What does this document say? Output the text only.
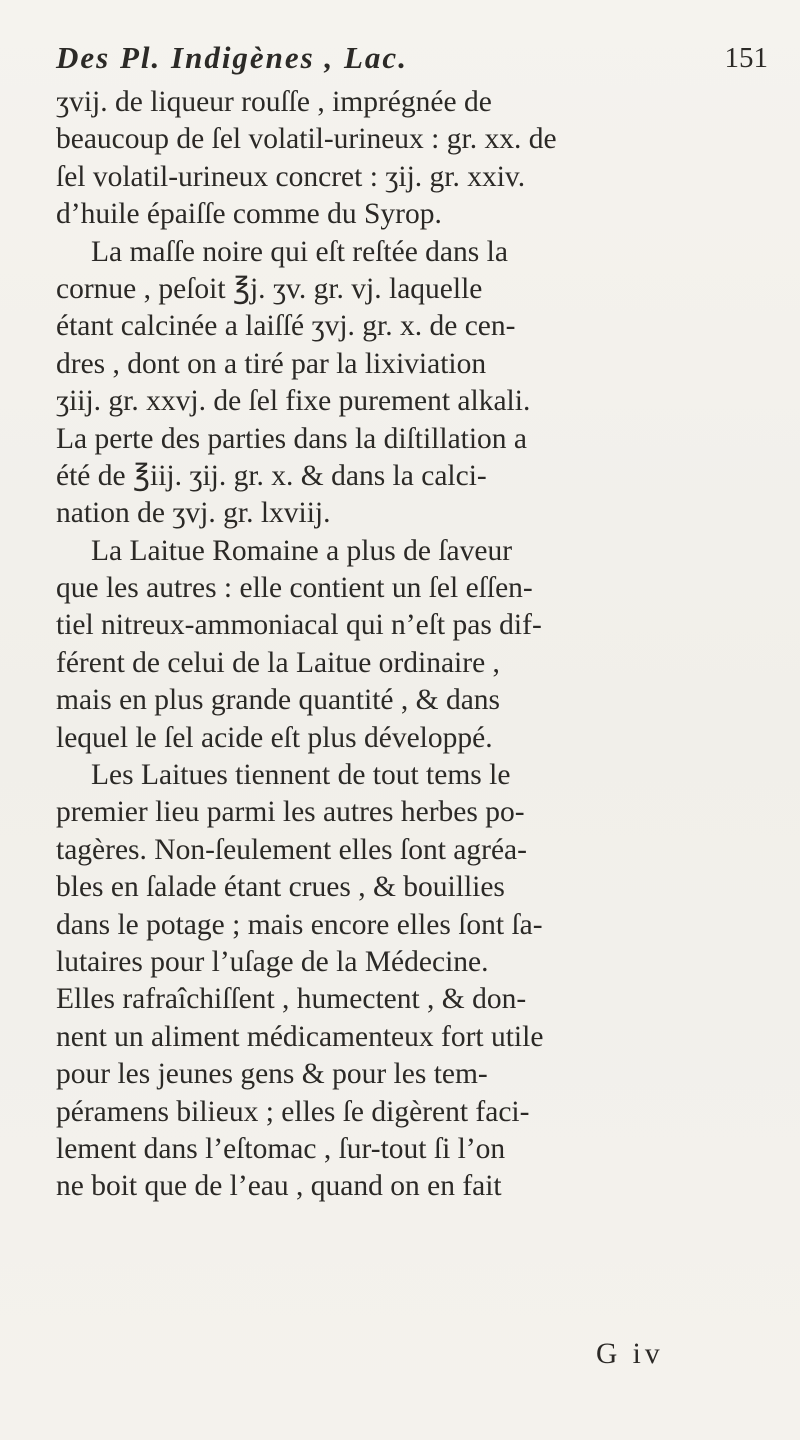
Des Pl. Indigènes , Lac.	151
ʒvij. de liqueur rouſſe , imprégnée de
beaucoup de ſel volatil-urineux : gr. xx. de
ſel volatil-urineux concret : ʒij. gr. xxiv.
d’huile épaiſſe comme du Syrop.
La maſſe noire qui eſt reſtée dans la
cornue , peſoit ℥j. ʒv. gr. vj. laquelle
étant calcinée a laiſſé ʒvj. gr. x. de cen-
dres , dont on a tiré par la lixiviation
ʒiij. gr. xxvj. de ſel fixe purement alkali.
La perte des parties dans la diſtillation a
été de ℥iij. ʒij. gr. x. & dans la calci-
nation de ʒvj. gr. lxviij.
La Laitue Romaine a plus de ſaveur
que les autres : elle contient un ſel eſſen-
tiel nitreux-ammoniacal qui n’eſt pas dif-
férent de celui de la Laitue ordinaire ,
mais en plus grande quantité , & dans
lequel le ſel acide eſt plus développé.
Les Laitues tiennent de tout tems le
premier lieu parmi les autres herbes po-
tagères. Non-ſeulement elles ſont agréa-
bles en ſalade étant crues , & bouillies
dans le potage ; mais encore elles ſont ſa-
lutaires pour l’uſage de la Médecine.
Elles rafraîchiſſent , humectent , & don-
nent un aliment médicamenteux fort utile
pour les jeunes gens & pour les tem-
péramens bilieux ; elles ſe digèrent faci-
lement dans l’eſtomac , ſur-tout ſi l’on
ne boit que de l’eau , quand on en fait
G iv
